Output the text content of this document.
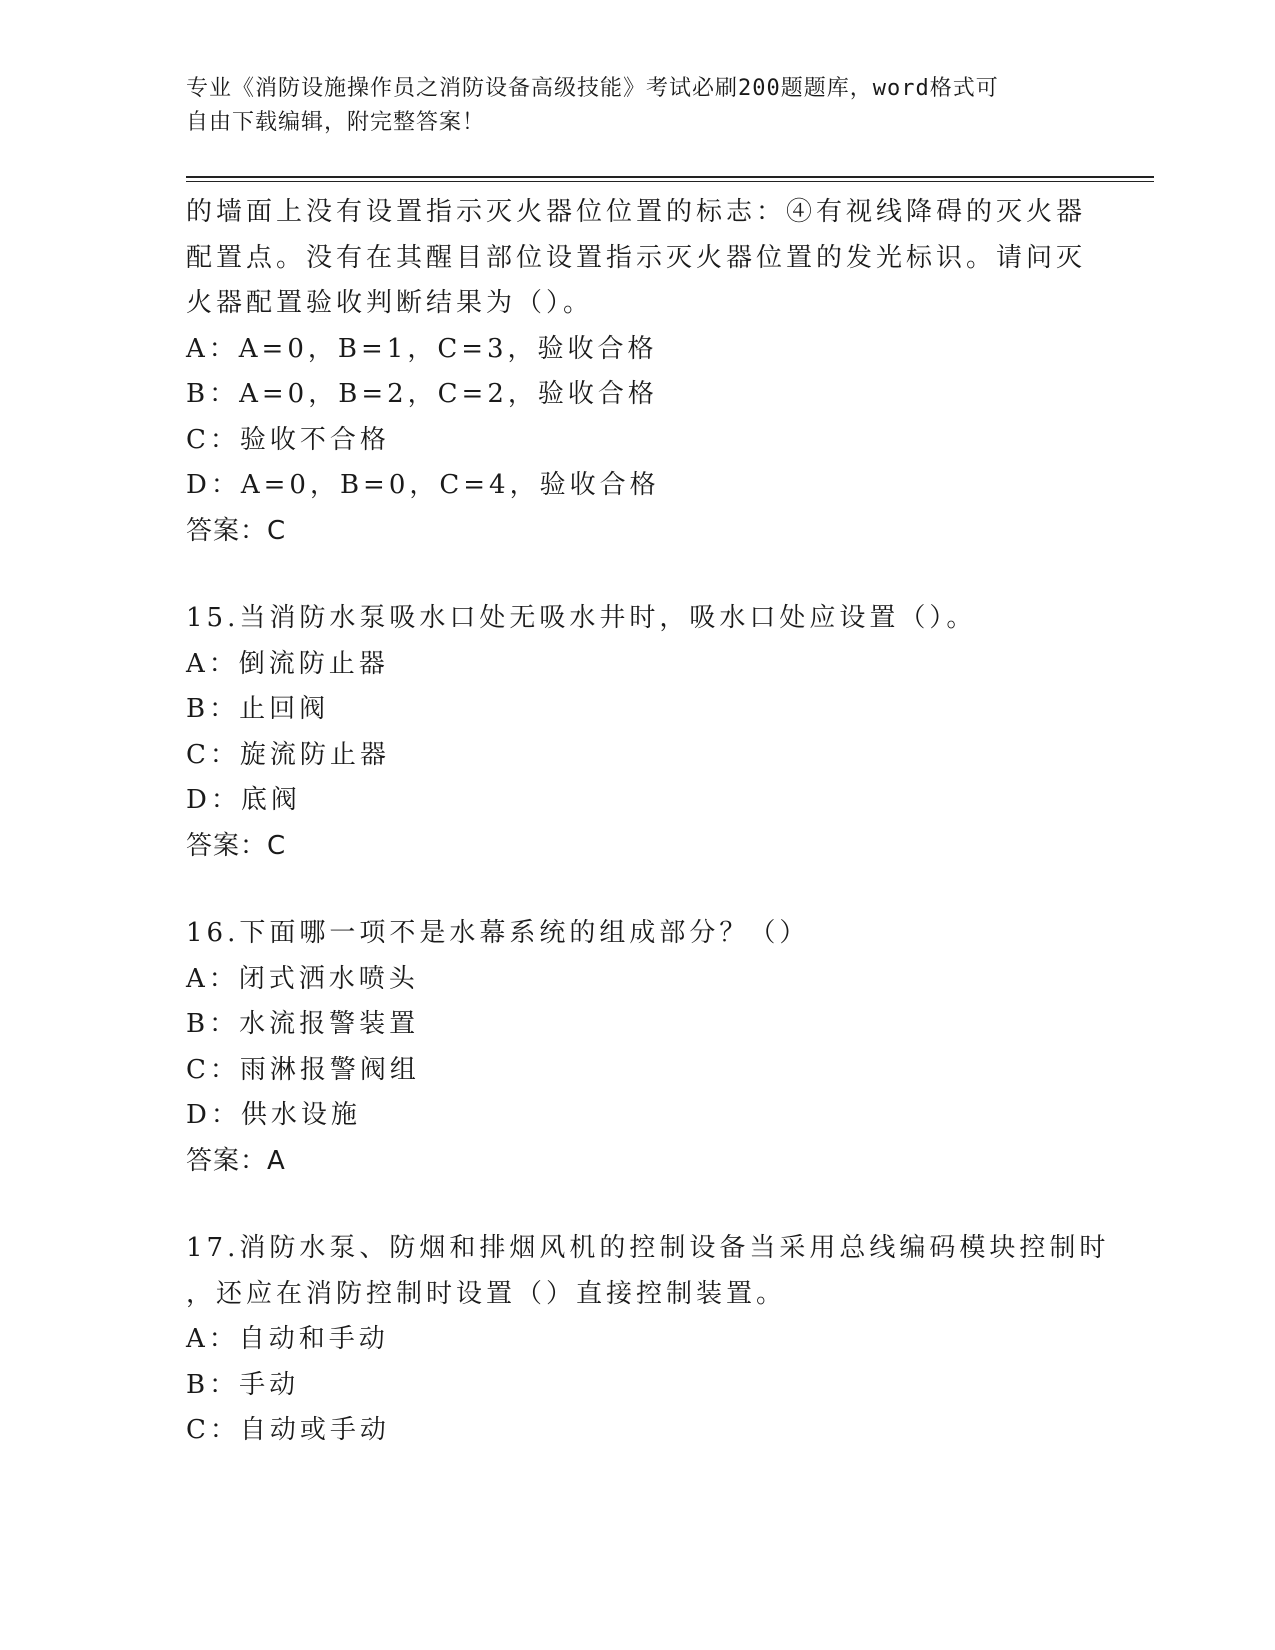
专业《消防设施操作员之消防设备高级技能》考试必刷200题题库，word格式可
自由下载编辑，附完整答案！
的墙面上没有设置指示灭火器位位置的标志：④有视线降碍的灭火器
配置点。没有在其醒目部位设置指示灭火器位置的发光标识。请问灭
火器配置验收判断结果为（）。
A：A=0，B=1，C=3，验收合格
B：A=0，B=2，C=2，验收合格
C：验收不合格
D：A=0，B=0，C=4，验收合格
答案：C
15.当消防水泵吸水口处无吸水井时，吸水口处应设置（）。
A：倒流防止器
B：止回阀
C：旋流防止器
D：底阀
答案：C
16.下面哪一项不是水幕系统的组成部分？（）
A：闭式洒水喷头
B：水流报警装置
C：雨淋报警阀组
D：供水设施
答案：A
17.消防水泵、防烟和排烟风机的控制设备当采用总线编码模块控制时
，还应在消防控制时设置（）直接控制装置。
A：自动和手动
B：手动
C：自动或手动
